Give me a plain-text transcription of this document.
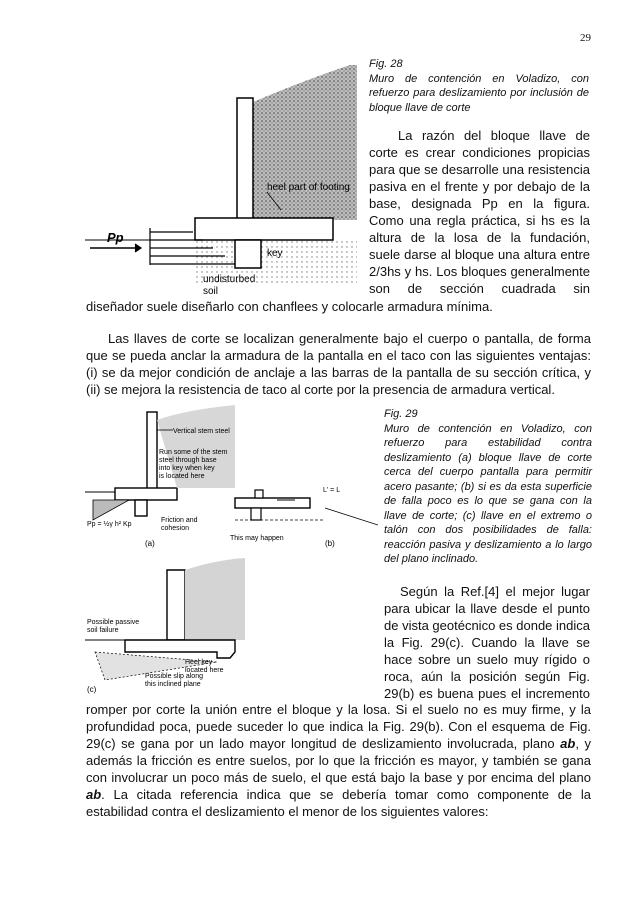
29
Fig. 28
Muro de contención en Voladizo, con refuerzo para deslizamiento por inclusión de bloque llave de corte
heel part of footing
key
undisturbed
soil
Pp
La razón del bloque llave de corte es crear condiciones propicias para que se desarrolle una resistencia pasiva en el frente y por debajo de la base, designada Pp en la figura. Como una regla práctica, si hs es la altura de la losa de la fundación, suele darse al bloque una altura entre 2/3hs y hs. Los bloques generalmente son de sección cuadrada sin
diseñador suele diseñarlo con chanflees y colocarle armadura mínima.
Las llaves de corte se localizan generalmente bajo el cuerpo o pantalla, de forma que se pueda anclar la armadura de la pantalla en el taco con las siguientes ventajas: (i) se da mejor condición de anclaje a las barras de la pantalla de su sección crítica, y (ii) se mejora la resistencia de taco al corte por la presencia de armadura vertical.
Fig. 29
Muro de contención en Voladizo, con refuerzo para estabilidad contra deslizamiento (a) bloque llave de corte cerca del cuerpo pantalla para permitir acero pasante; (b) si es da esta superficie de falla poco es lo que se gana con la llave de corte; (c) llave en el extremo o talón con dos posibilidades de falla: reacción pasiva y deslizamiento a lo largo del plano inclinado.
Vertical stem steel
Run some of the stem
steel through base
into key when key
is located here
Friction and
cohesion
Pp = ½γ h² Kp
(a)
This may happen
L' = L
(b)
Possible passive
soil failure
Heel key
located here
Possible slip along
this inclined plane
(c)
Según la Ref.[4] el mejor lugar para ubicar la llave desde el punto de vista geotécnico es donde indica la Fig. 29(c). Cuando la llave se hace sobre un suelo muy rígido o roca, aún la posición según Fig. 29(b) es buena pues el incremento
romper por corte la unión entre el bloque y la losa. Si el suelo no es muy firme, y la profundidad poca, puede suceder lo que indica la Fig. 29(b). Con el esquema de Fig. 29(c) se gana por un lado mayor longitud de deslizamiento involucrada, plano ab, y además la fricción es entre suelos, por lo que la fricción es mayor, y también se gana con involucrar un poco más de suelo, el que está bajo la base y por encima del plano ab. La citada referencia indica que se debería tomar como componente de la estabilidad contra el deslizamiento el menor de los siguientes valores:
